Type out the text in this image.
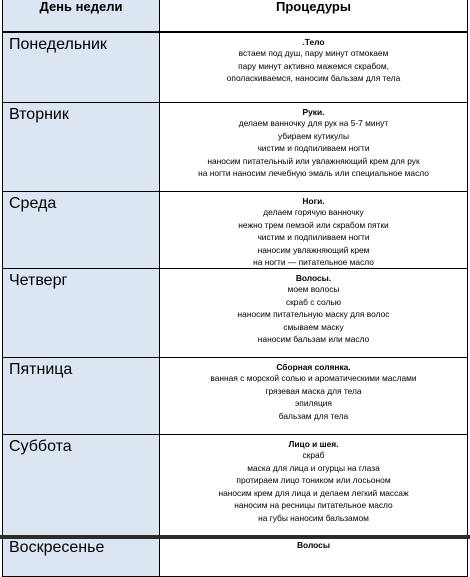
День недели	Процедуры
Понедельник	.Тело
встаем под душ, пару минут отмокаем
пару минут активно мажемся скрабом,
ополаскиваемся, наносим бальзам для тела
Вторник	Руки.
делаем ванночку для рук на 5-7 минут
убираем кутикулы
чистим и подпиливаем ногти
наносим питательный или увлажняющий крем для рук
на ногти наносим лечебную эмаль или специальное масло
Среда	Ноги.
делаем горячую ванночку
нежно трем пемзой или скрабом пятки
чистим и подпиливаем ногти
наносим увлажняющий крем
на ногти — питательное масло
Четверг	Волосы.
моем волосы
скраб с солью
наносим питательную маску для волос
смываем маску
наносим бальзам или масло
Пятница	Сборная солянка.
ванная с морской солью и ароматическими маслами
грязевая маска для тела
эпиляция
бальзам для тела
Суббота	Лицо и шея.
скраб
маска для лица и огурцы на глаза
протираем лицо тоником или лосьоном
наносим крем для лица и делаем легкий массаж
наносим на ресницы питательное масло
на губы наносим бальзамом
Воскресенье	Волосы
